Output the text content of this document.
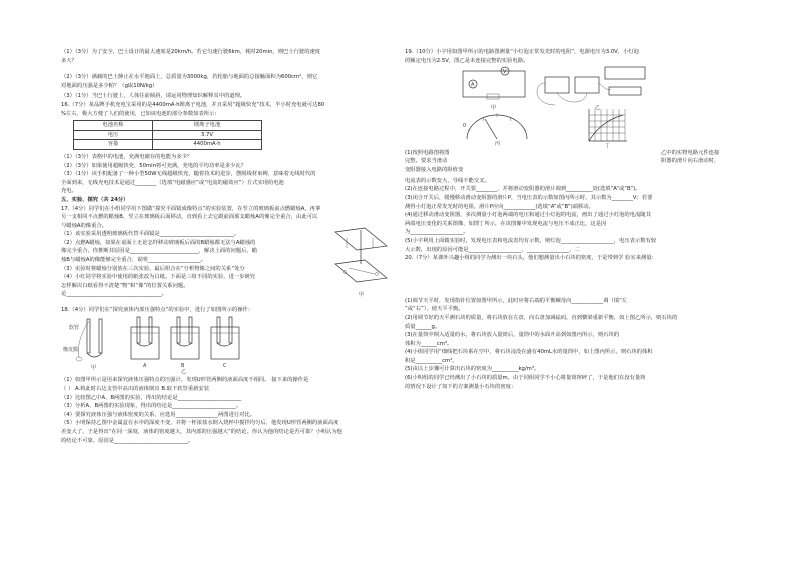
（1）（3分）为了安全，巴士设计的最大速度是20km/h。若它匀速行驶6km，耗时20min，则巴士行驶的速度

多大？

（2）（3分）满载的巴士静止在水平地面上，总质量为3000kg，若轮胎与地面的总接触面积为600cm²，则它

对地面的压强是多少帕？（g取10N/kg）

（3）（1分）当巴士行驶上，人体往前倾斜，请运用物理知识解释其中的道理。

16.（7分）某品牌手机充电宝采用的是4400mA·h锂离子电池，并且采用“超级快充”技术，半小时充电就可达80

%左右，极大方便了人们的使用，已知该电池的部分参数如表所示：

电池名称	锂离子电池
电压	3.7V
容量	4400mA·h

（1）（3分）表格中的电池，充满电储存的电能为多少？

（2）（3分）如果使用超级快充，50min将可充满，充电的平均功率是多少瓦？

（3）（1分）该手机配备了一种小型50W无线超级快充，随着技术的进步，摆脱线材束缚，意味着无线时代的

全面到来，无线充电技术是通过________（选填“电磁感应”或“电流的磁效应”）方式实现给电池

充电。

五、实验、探究（共 24分）

17.（4分）同学们在小组同学用下图做“探究平面镜成像特点”的实验装置，在竖立的玻璃板前点燃蜡烛A，再拿

另一支相同不点燃的蜡烛B，竖立在玻璃板后面移动，直到看上去它跟前面那支蜡烛A的像完全重合，由此可以

与蜡烛A的像重合。

（1）该实验采用透明玻璃板代替平面镜是____________________________。

（2）点燃A蜡烛，如果在桌面上无论怎样移动玻璃板后面的B蜡烛都无法与A蜡烛的

像完全重合，你推断其原因是__________________________，解决上面的问题后，蜡

烛B与蜡烛A的像能够完全重合，说明____________________。

（3）实验时将蜡烛分别放在三次实验，最后组合在“分析物像之间的关系”处分

（4）小红同学将实验中使用的纸张改为白纸。下面是三组不同的实验，进一步研究

怎样解决白纸看得不清楚“物”和“像”的位置关系问题。

论____________________________________。	甲

18.（4分）同学们在“探究液体内部压强特点”的实验中，进行了如图所示的操作：

软管
橡皮膜
甲	A	B	C
乙

（1）如图甲所示是用来探究液体压强特点的压强计，发现U形管两侧的液面高度不相同。 接下来的操作是

（ ） A.将此时右边支管中高出的液体倒出 B.取下软管重新安装

（2）比较图乙中A、B两图的实验，得出的结论是________________________

（3）分析A、B两图的实验现象，得出的结论是________________________。

（4）要探究液体压强与液体密度的关系，应选用________________两图进行对比。

（5）小明保持乙图中金属盒在水中的深度不变，并将一杯浓盐水倒入烧杯中搅拌均匀后，他发现U形管两侧的液面高度

差变大了，于是得出“在同一深度，液体的密度越大，其内部的压强越大”的结论。你认为他的结论是否可靠？小明认为他

的结论不可靠，原因是____________________________。

19.（10分）小宇用如图甲所示的电路图测量“小灯泡正常发光时的电阻”，电源电压为3.0V，小灯泡

的额定电压为2.5V，图乙是未连接完整的实验电路。

A
V
甲	乙
0
丙	丁

(1)按照电路图将图

完整。要求当滑动

变阻器接入电路的阻值变

乙中的实物电路元件连接

阻器的滑片向右滑动时，

电流表的示数变大，导线不能交叉。

(2)在连接电路过程中，开关要________，并将滑动变阻器的滑片调到__________处(选填“A”或“B”)。

(3)闭合开关后，缓慢移动滑动变阻器的滑片P，当电压表的示数如图丙所示时，其示数为________V；若要

测得小灯泡正常发光时的电阻，滑片P应向____________(选填“A”或“B”)端移动。

(4)通过移动滑动变阻器，多次测量小灯泡两端的电压和通过小灯泡的电流，画出了通过小灯泡的电流随其

两端电压变化的关系图像，如图丁所示，在该图像中发现电流与电压不成正比，这是因

为____________________。

(5)小宇利用上面做实验时，发现电压表和电流表均有示数，则灯泡____________________，电压表示数有较

大示数，出现的原因可能是____________________，________________，二

20.（7分）某课外兴趣小组的同学为测出一块石头，他们想测量出小石块的密度，于是带到学 验室来测量：

(1)调节天平时，发现指针位置如图甲所示，此时应将右端的平衡螺母向____________调（填“左

”或“右”），使天平平衡。

(2)用调节好的天平测石块的质量，将石块放在左盘，向右盘加减砝码，直到横梁重新平衡，如上图乙所示，则石块的

质量______g。

(3)在量筒中倒入适量的水，将石块放入量筒后，量筒中的水面升高到如图丙所示，则石块的

体积为______cm³。

(4)小组同学用“细线把石块系在空中，将石块浸没在盛有40mL水的量筒中，如上图丙所示，则石块的体积

积是__________cm³。

(5)由以上步骤可计算出石块的密度为__________kg/m³。

(6)小明组的同学已经测出了小石块的质量m，由于同组同学不小心将量筒摔碎了，于是他们在没有量筒

的情况下设计了如下的方案测量小石块的密度：
